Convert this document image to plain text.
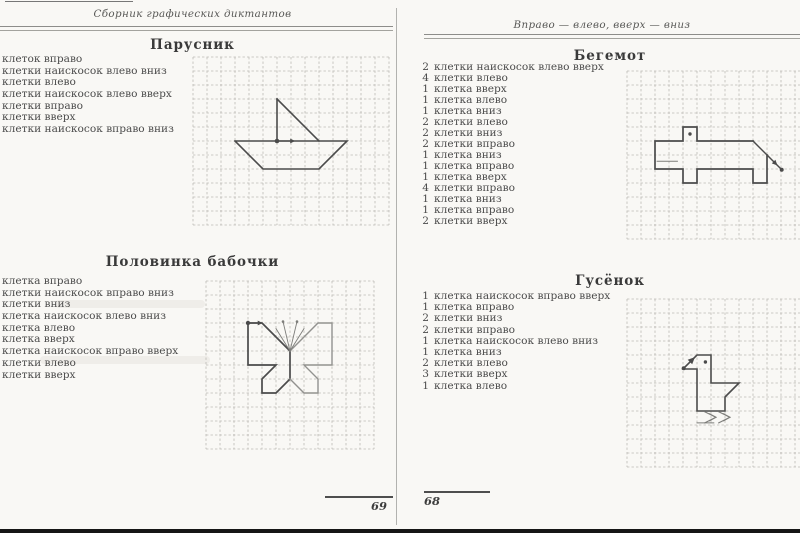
Сборник графических диктантов
Парусник
клеток вправо
клетки наискосок влево вниз
клетки влево
клетки наискосок влево вверх
клетки вправо
клетки вверх
клетки наискосок вправо вниз
Половинка бабочки
клетка вправо
клетки наискосок вправо вниз
клетки вниз
клетка наискосок влево вниз
клетка влево
клетка вверх
клетка наискосок вправо вверх
клетки влево
клетки вверх
69
Вправо — влево, вверх — вниз
Бегемот
2 клетки наискосок влево вверх
4 клетки влево
1 клетка вверх
1 клетка влево
1 клетка вниз
2 клетки влево
2 клетки вниз
2 клетки вправо
1 клетка вниз
1 клетка вправо
1 клетка вверх
4 клетки вправо
1 клетка вниз
1 клетка вправо
2 клетки вверх
Гусёнок
1 клетка наискосок вправо вверх
1 клетка вправо
2 клетки вниз
2 клетки вправо
1 клетка наискосок влево вниз
1 клетка вниз
2 клетки влево
3 клетки вверх
1 клетка влево
68
